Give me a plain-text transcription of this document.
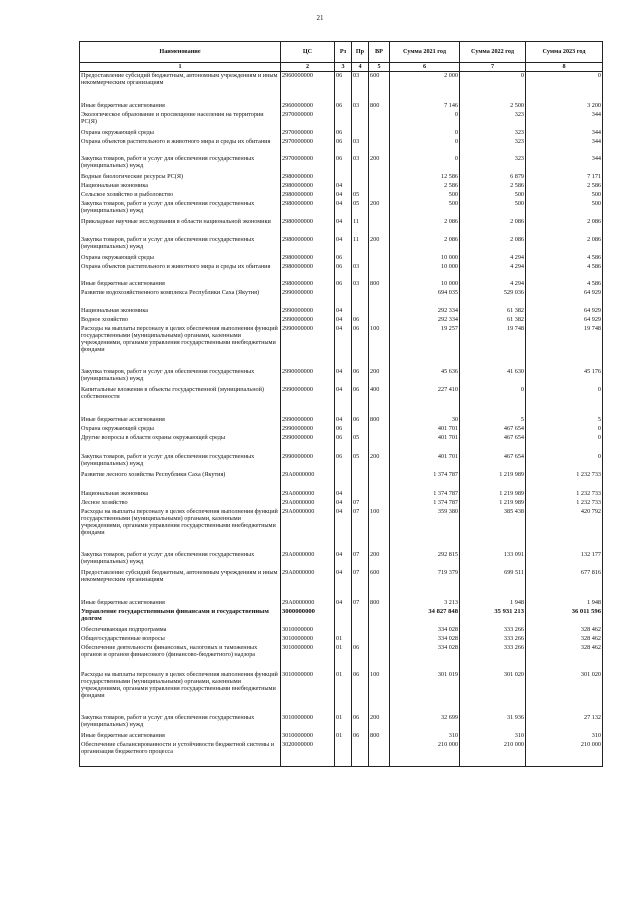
21
Наименование	ЦС	Рз	Пр	ВР	Сумма 2021 год	Сумма 2022 год	Сумма 2023 год
1	2	3	4	5	6	7	8
Предоставление субсидий бюджетным, автономным учреждениям и иным некоммерческим организациям	2960000000	06	03	600	2 000	0	0
Иные бюджетные ассигнования	2960000000	06	03	800	7 146	2 500	3 200
Экологическое образование и просвещение населения на территории РС(Я)	2970000000				0	323	344
Охрана окружающей среды	2970000000	06			0	323	344
Охрана объектов растительного и животного мира и среды их обитания	2970000000	06	03		0	323	344
Закупка товаров, работ и услуг для обеспечения государственных (муниципальных) нужд	2970000000	06	03	200	0	323	344
Водные биологические ресурсы РС(Я)	2980000000				12 586	6 879	7 171
Национальная экономика	2980000000	04			2 586	2 586	2 586
Сельское хозяйство и рыболовство	2980000000	04	05		500	500	500
Закупка товаров, работ и услуг для обеспечения государственных (муниципальных) нужд	2980000000	04	05	200	500	500	500
Прикладные научные исследования в области национальной экономики	2980000000	04	11		2 086	2 086	2 086
Закупка товаров, работ и услуг для обеспечения государственных (муниципальных) нужд	2980000000	04	11	200	2 086	2 086	2 086
Охрана окружающей среды	2980000000	06			10 000	4 294	4 586
Охрана объектов растительного и животного мира и среды их обитания	2980000000	06	03		10 000	4 294	4 586
Иные бюджетные ассигнования	2980000000	06	03	800	10 000	4 294	4 586
Развитие водохозяйственного комплекса Республики Саха (Якутия)	2990000000				694 035	529 036	64 929
Национальная экономика	2990000000	04			292 334	61 382	64 929
Водное хозяйство	2990000000	04	06		292 334	61 382	64 929
Расходы на выплаты персоналу в целях обеспечения выполнения функций государственными (муниципальными) органами, казенными учреждениями, органами управления государственными внебюджетными фондами	2990000000	04	06	100	19 257	19 748	19 748
Закупка товаров, работ и услуг для обеспечения государственных (муниципальных) нужд	2990000000	04	06	200	45 636	41 630	45 176
Капитальные вложения в объекты государственной (муниципальной) собственности	2990000000	04	06	400	227 410	0	0
Иные бюджетные ассигнования	2990000000	04	06	800	30	5	5
Охрана окружающей среды	2990000000	06			401 701	467 654	0
Другие вопросы в области охраны окружающей среды	2990000000	06	05		401 701	467 654	0
Закупка товаров, работ и услуг для обеспечения государственных (муниципальных) нужд	2990000000	06	05	200	401 701	467 654	0
Развитие лесного хозяйства Республики Саха (Якутия)	29А0000000				1 374 787	1 219 989	1 232 733
Национальная экономика	29А0000000	04			1 374 787	1 219 989	1 232 733
Лесное хозяйство	29А0000000	04	07		1 374 787	1 219 989	1 232 733
Расходы на выплаты персоналу в целях обеспечения выполнения функций государственными (муниципальными) органами, казенными учреждениями, органами управления государственными внебюджетными фондами	29А0000000	04	07	100	359 380	385 438	420 792
Закупка товаров, работ и услуг для обеспечения государственных (муниципальных) нужд	29А0000000	04	07	200	292 815	133 091	132 177
Предоставление субсидий бюджетным, автономным учреждениям и иным некоммерческим организациям	29А0000000	04	07	600	719 379	699 511	677 816
Иные бюджетные ассигнования	29А0000000	04	07	800	3 213	1 948	1 948
Управление государственными финансами и государственным долгом	3000000000				34 827 848	35 931 213	36 011 596
Обеспечивающая подпрограмма	3010000000				334 028	333 266	328 462
Общегосударственные вопросы	3010000000	01			334 028	333 266	328 462
Обеспечение деятельности финансовых, налоговых и таможенных органов и органов финансового (финансово-бюджетного) надзора	3010000000	01	06		334 028	333 266	328 462
Расходы на выплаты персоналу в целях обеспечения выполнения функций государственными (муниципальными) органами, казенными учреждениями, органами управления государственными внебюджетными фондами	3010000000	01	06	100	301 019	301 020	301 020
Закупка товаров, работ и услуг для обеспечения государственных (муниципальных) нужд	3010000000	01	06	200	32 699	31 936	27 132
Иные бюджетные ассигнования	3010000000	01	06	800	310	310	310
Обеспечение сбалансированности и устойчивости бюджетной системы и организация бюджетного процесса	3020000000				210 000	210 000	210 000
